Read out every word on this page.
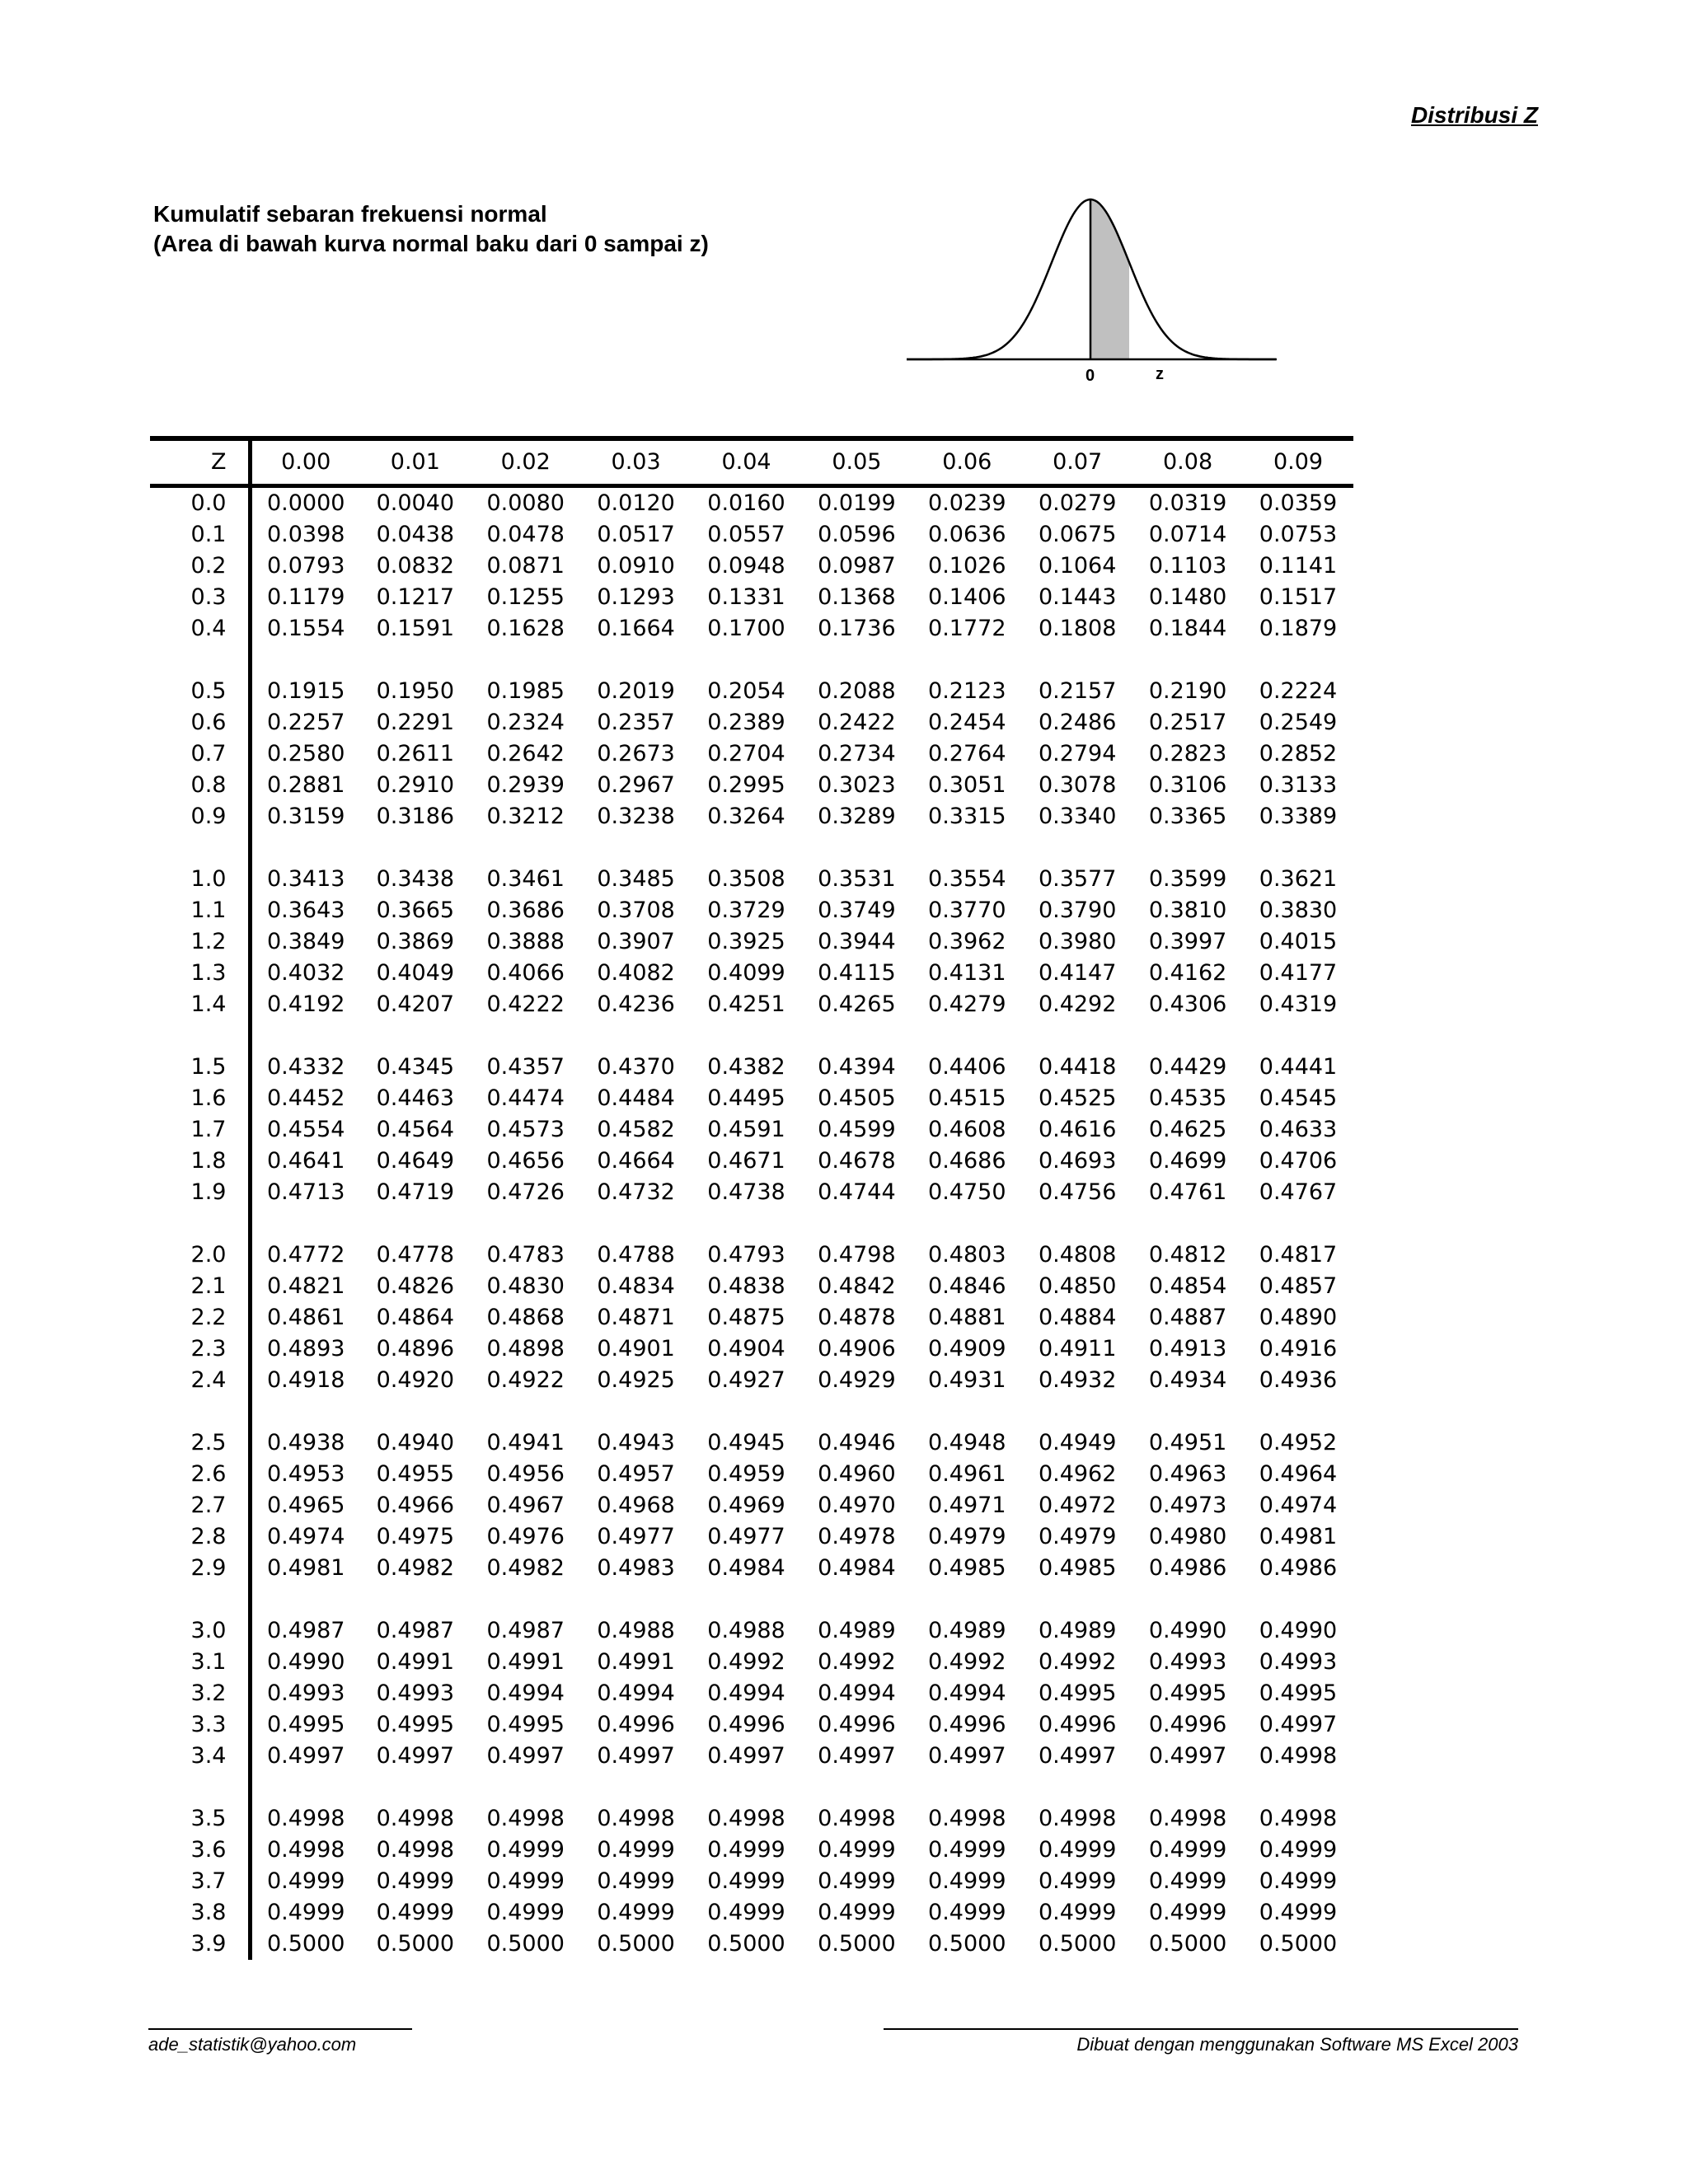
Distribusi Z
Kumulatif sebaran frekuensi normal
(Area di bawah kurva normal baku dari 0 sampai z)
0	z
Z	0.00	0.01	0.02	0.03	0.04	0.05	0.06	0.07	0.08	0.09
0.0	0.0000	0.0040	0.0080	0.0120	0.0160	0.0199	0.0239	0.0279	0.0319	0.0359
0.1	0.0398	0.0438	0.0478	0.0517	0.0557	0.0596	0.0636	0.0675	0.0714	0.0753
0.2	0.0793	0.0832	0.0871	0.0910	0.0948	0.0987	0.1026	0.1064	0.1103	0.1141
0.3	0.1179	0.1217	0.1255	0.1293	0.1331	0.1368	0.1406	0.1443	0.1480	0.1517
0.4	0.1554	0.1591	0.1628	0.1664	0.1700	0.1736	0.1772	0.1808	0.1844	0.1879

0.5	0.1915	0.1950	0.1985	0.2019	0.2054	0.2088	0.2123	0.2157	0.2190	0.2224
0.6	0.2257	0.2291	0.2324	0.2357	0.2389	0.2422	0.2454	0.2486	0.2517	0.2549
0.7	0.2580	0.2611	0.2642	0.2673	0.2704	0.2734	0.2764	0.2794	0.2823	0.2852
0.8	0.2881	0.2910	0.2939	0.2967	0.2995	0.3023	0.3051	0.3078	0.3106	0.3133
0.9	0.3159	0.3186	0.3212	0.3238	0.3264	0.3289	0.3315	0.3340	0.3365	0.3389

1.0	0.3413	0.3438	0.3461	0.3485	0.3508	0.3531	0.3554	0.3577	0.3599	0.3621
1.1	0.3643	0.3665	0.3686	0.3708	0.3729	0.3749	0.3770	0.3790	0.3810	0.3830
1.2	0.3849	0.3869	0.3888	0.3907	0.3925	0.3944	0.3962	0.3980	0.3997	0.4015
1.3	0.4032	0.4049	0.4066	0.4082	0.4099	0.4115	0.4131	0.4147	0.4162	0.4177
1.4	0.4192	0.4207	0.4222	0.4236	0.4251	0.4265	0.4279	0.4292	0.4306	0.4319

1.5	0.4332	0.4345	0.4357	0.4370	0.4382	0.4394	0.4406	0.4418	0.4429	0.4441
1.6	0.4452	0.4463	0.4474	0.4484	0.4495	0.4505	0.4515	0.4525	0.4535	0.4545
1.7	0.4554	0.4564	0.4573	0.4582	0.4591	0.4599	0.4608	0.4616	0.4625	0.4633
1.8	0.4641	0.4649	0.4656	0.4664	0.4671	0.4678	0.4686	0.4693	0.4699	0.4706
1.9	0.4713	0.4719	0.4726	0.4732	0.4738	0.4744	0.4750	0.4756	0.4761	0.4767

2.0	0.4772	0.4778	0.4783	0.4788	0.4793	0.4798	0.4803	0.4808	0.4812	0.4817
2.1	0.4821	0.4826	0.4830	0.4834	0.4838	0.4842	0.4846	0.4850	0.4854	0.4857
2.2	0.4861	0.4864	0.4868	0.4871	0.4875	0.4878	0.4881	0.4884	0.4887	0.4890
2.3	0.4893	0.4896	0.4898	0.4901	0.4904	0.4906	0.4909	0.4911	0.4913	0.4916
2.4	0.4918	0.4920	0.4922	0.4925	0.4927	0.4929	0.4931	0.4932	0.4934	0.4936

2.5	0.4938	0.4940	0.4941	0.4943	0.4945	0.4946	0.4948	0.4949	0.4951	0.4952
2.6	0.4953	0.4955	0.4956	0.4957	0.4959	0.4960	0.4961	0.4962	0.4963	0.4964
2.7	0.4965	0.4966	0.4967	0.4968	0.4969	0.4970	0.4971	0.4972	0.4973	0.4974
2.8	0.4974	0.4975	0.4976	0.4977	0.4977	0.4978	0.4979	0.4979	0.4980	0.4981
2.9	0.4981	0.4982	0.4982	0.4983	0.4984	0.4984	0.4985	0.4985	0.4986	0.4986

3.0	0.4987	0.4987	0.4987	0.4988	0.4988	0.4989	0.4989	0.4989	0.4990	0.4990
3.1	0.4990	0.4991	0.4991	0.4991	0.4992	0.4992	0.4992	0.4992	0.4993	0.4993
3.2	0.4993	0.4993	0.4994	0.4994	0.4994	0.4994	0.4994	0.4995	0.4995	0.4995
3.3	0.4995	0.4995	0.4995	0.4996	0.4996	0.4996	0.4996	0.4996	0.4996	0.4997
3.4	0.4997	0.4997	0.4997	0.4997	0.4997	0.4997	0.4997	0.4997	0.4997	0.4998

3.5	0.4998	0.4998	0.4998	0.4998	0.4998	0.4998	0.4998	0.4998	0.4998	0.4998
3.6	0.4998	0.4998	0.4999	0.4999	0.4999	0.4999	0.4999	0.4999	0.4999	0.4999
3.7	0.4999	0.4999	0.4999	0.4999	0.4999	0.4999	0.4999	0.4999	0.4999	0.4999
3.8	0.4999	0.4999	0.4999	0.4999	0.4999	0.4999	0.4999	0.4999	0.4999	0.4999
3.9	0.5000	0.5000	0.5000	0.5000	0.5000	0.5000	0.5000	0.5000	0.5000	0.5000
ade_statistik@yahoo.com	Dibuat dengan menggunakan Software MS Excel 2003
